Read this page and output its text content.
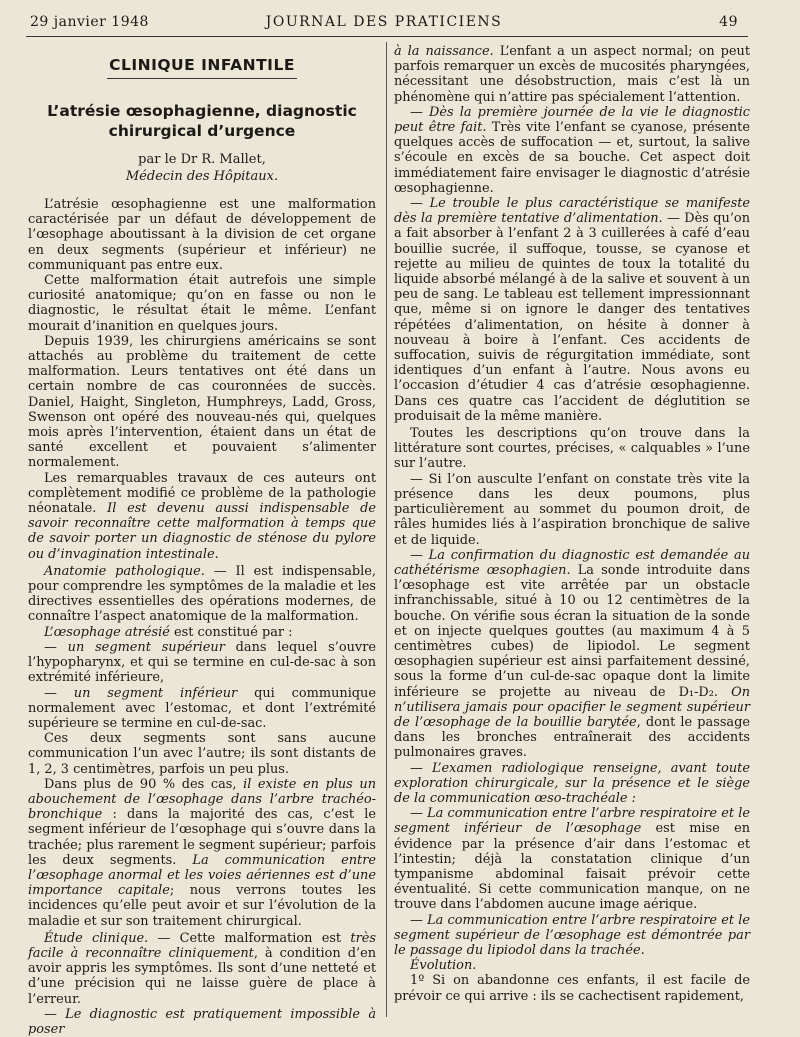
29 janvier 1948	JOURNAL DES PRATICIENS	49
CLINIQUE INFANTILE
L’atrésie œsophagienne, diagnostic chirurgical d’urgence
par le Dr R. Mallet,
Médecin des Hôpitaux.

L’atrésie œsophagienne est une malformation caractérisée par un défaut de développement de l’œsophage aboutissant à la division de cet organe en deux segments (supérieur et inférieur) ne communiquant pas entre eux.

Cette malformation était autrefois une simple curiosité anatomique; qu’on en fasse ou non le diagnostic, le résultat était le même. L’enfant mourait d’inanition en quelques jours.

Depuis 1939, les chirurgiens américains se sont attachés au problème du traitement de cette malformation. Leurs tentatives ont été dans un certain nombre de cas couronnées de succès. Daniel, Haight, Singleton, Humphreys, Ladd, Gross, Swenson ont opéré des nouveau-nés qui, quelques mois après l’intervention, étaient dans un état de santé excellent et pouvaient s’alimenter normalement.

Les remarquables travaux de ces auteurs ont complètement modifié ce problème de la pathologie néonatale. Il est devenu aussi indispensable de savoir reconnaître cette malformation à temps que de savoir porter un diagnostic de sténose du pylore ou d’invagination intestinale.

Anatomie pathologique. — Il est indispensable, pour comprendre les symptômes de la maladie et les directives essentielles des opérations modernes, de connaître l’aspect anatomique de la malformation.

L’œsophage atrésié est constitué par :

— un segment supérieur dans lequel s’ouvre l’hypopharynx, et qui se termine en cul-de-sac à son extrémité inférieure,

— un segment inférieur qui communique normalement avec l’estomac, et dont l’extrémité supérieure se termine en cul-de-sac.

Ces deux segments sont sans aucune communication l’un avec l’autre; ils sont distants de 1, 2, 3 centimètres, parfois un peu plus.

Dans plus de 90 % des cas, il existe en plus un abouchement de l’œsophage dans l’arbre trachéo-bronchique : dans la majorité des cas, c’est le segment inférieur de l’œsophage qui s’ouvre dans la trachée; plus rarement le segment supérieur; parfois les deux segments. La communication entre l’œsophage anormal et les voies aériennes est d’une importance capitale; nous verrons toutes les incidences qu’elle peut avoir et sur l’évolution de la maladie et sur son traitement chirurgical.

Étude clinique. — Cette malformation est très facile à reconnaître cliniquement, à condition d’en avoir appris les symptômes. Ils sont d’une netteté et d’une précision qui ne laisse guère de place à l’erreur.

— Le diagnostic est pratiquement impossible à poser

à la naissance. L’enfant a un aspect normal; on peut parfois remarquer un excès de mucosités pharyngées, nécessitant une désobstruction, mais c’est là un phénomène qui n’attire pas spécialement l’attention.

— Dès la première journée de la vie le diagnostic peut être fait. Très vite l’enfant se cyanose, présente quelques accès de suffocation — et, surtout, la salive s’écoule en excès de sa bouche. Cet aspect doit immédiatement faire envisager le diagnostic d’atrésie œsophagienne.

— Le trouble le plus caractéristique se manifeste dès la première tentative d’alimentation. — Dès qu’on a fait absorber à l’enfant 2 à 3 cuillerées à café d’eau bouillie sucrée, il suffoque, tousse, se cyanose et rejette au milieu de quintes de toux la totalité du liquide absorbé mélangé à de la salive et souvent à un peu de sang. Le tableau est tellement impressionnant que, même si on ignore le danger des tentatives répétées d’alimentation, on hésite à donner à nouveau à boire à l’enfant. Ces accidents de suffocation, suivis de régurgitation immédiate, sont identiques d’un enfant à l’autre. Nous avons eu l’occasion d’étudier 4 cas d’atrésie œsophagienne. Dans ces quatre cas l’accident de déglutition se produisait de la même manière.

Toutes les descriptions qu’on trouve dans la littérature sont courtes, précises, « calquables » l’une sur l’autre.

— Si l’on ausculte l’enfant on constate très vite la présence dans les deux poumons, plus particulièrement au sommet du poumon droit, de râles humides liés à l’aspiration bronchique de salive et de liquide.

— La confirmation du diagnostic est demandée au cathétérisme œsophagien. La sonde introduite dans l’œsophage est vite arrêtée par un obstacle infranchissable, situé à 10 ou 12 centimètres de la bouche. On vérifie sous écran la situation de la sonde et on injecte quelques gouttes (au maximum 4 à 5 centimètres cubes) de lipiodol. Le segment œsophagien supérieur est ainsi parfaitement dessiné, sous la forme d’un cul-de-sac opaque dont la limite inférieure se projette au niveau de D₁-D₂. On n’utilisera jamais pour opacifier le segment supérieur de l’œsophage de la bouillie barytée, dont le passage dans les bronches entraînerait des accidents pulmonaires graves.

— L’examen radiologique renseigne, avant toute exploration chirurgicale, sur la présence et le siège de la communication œso-trachéale :

— La communication entre l’arbre respiratoire et le segment inférieur de l’œsophage est mise en évidence par la présence d’air dans l’estomac et l’intestin; déjà la constatation clinique d’un tympanisme abdominal faisait prévoir cette éventualité. Si cette communication manque, on ne trouve dans l’abdomen aucune image aérique.

— La communication entre l’arbre respiratoire et le segment supérieur de l’œsophage est démontrée par le passage du lipiodol dans la trachée.

Évolution.

1º Si on abandonne ces enfants, il est facile de prévoir ce qui arrive : ils se cachectisent rapidement,
